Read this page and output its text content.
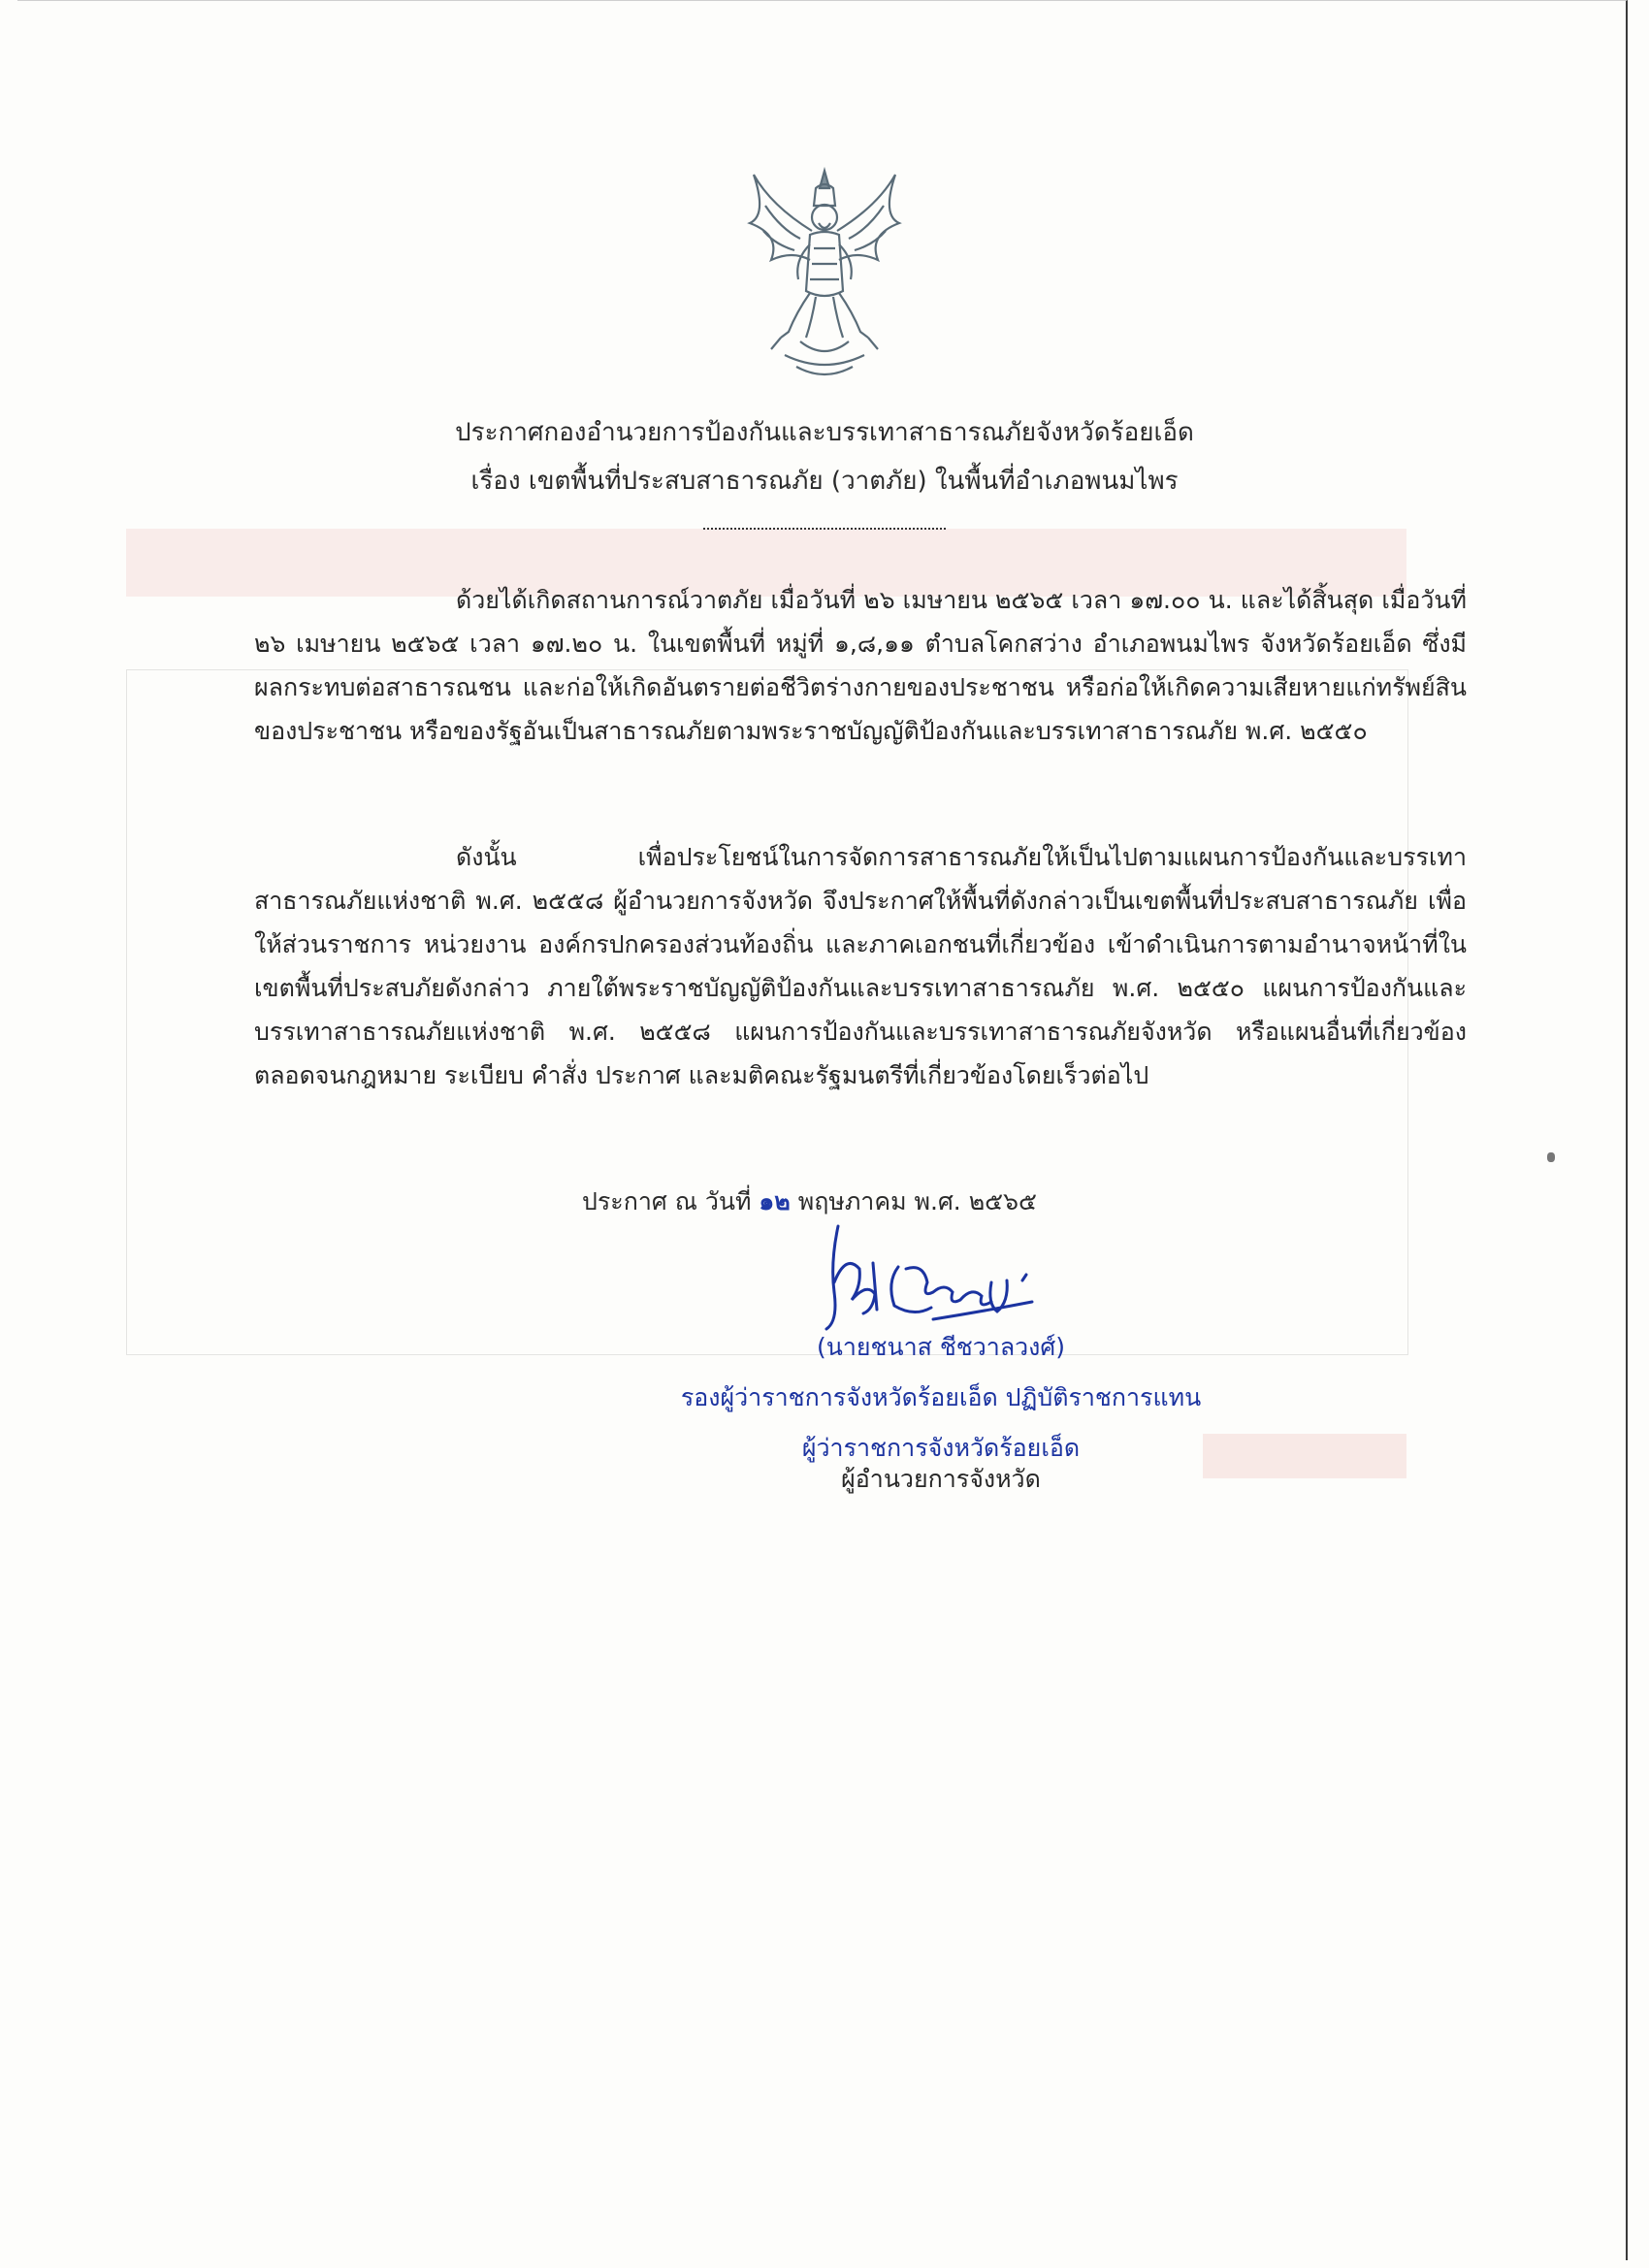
ประกาศกองอำนวยการป้องกันและบรรเทาสาธารณภัยจังหวัดร้อยเอ็ด
เรื่อง เขตพื้นที่ประสบสาธารณภัย (วาตภัย) ในพื้นที่อำเภอพนมไพร
ด้วยได้เกิดสถานการณ์วาตภัย เมื่อวันที่ ๒๖ เมษายน ๒๕๖๕ เวลา ๑๗.๐๐ น. และได้สิ้นสุด เมื่อวันที่ ๒๖ เมษายน ๒๕๖๕ เวลา ๑๗.๒๐ น. ในเขตพื้นที่ หมู่ที่ ๑,๘,๑๑ ตำบลโคกสว่าง อำเภอพนมไพร จังหวัดร้อยเอ็ด ซึ่งมีผลกระทบต่อสาธารณชน และก่อให้เกิดอันตรายต่อชีวิตร่างกายของประชาชน หรือก่อให้เกิดความเสียหายแก่ทรัพย์สินของประชาชน หรือของรัฐอันเป็นสาธารณภัยตามพระราชบัญญัติป้องกันและบรรเทาสาธารณภัย พ.ศ. ๒๕๕๐
ดังนั้น เพื่อประโยชน์ในการจัดการสาธารณภัยให้เป็นไปตามแผนการป้องกันและบรรเทาสาธารณภัยแห่งชาติ พ.ศ. ๒๕๕๘ ผู้อำนวยการจังหวัด จึงประกาศให้พื้นที่ดังกล่าวเป็นเขตพื้นที่ประสบสาธารณภัย เพื่อให้ส่วนราชการ หน่วยงาน องค์กรปกครองส่วนท้องถิ่น และภาคเอกชนที่เกี่ยวข้อง เข้าดำเนินการตามอำนาจหน้าที่ในเขตพื้นที่ประสบภัยดังกล่าว ภายใต้พระราชบัญญัติป้องกันและบรรเทาสาธารณภัย พ.ศ. ๒๕๕๐ แผนการป้องกันและบรรเทาสาธารณภัยแห่งชาติ พ.ศ. ๒๕๕๘ แผนการป้องกันและบรรเทาสาธารณภัยจังหวัด หรือแผนอื่นที่เกี่ยวข้อง ตลอดจนกฎหมาย ระเบียบ คำสั่ง ประกาศ และมติคณะรัฐมนตรีที่เกี่ยวข้องโดยเร็วต่อไป
ประกาศ ณ วันที่ ๑๒ พฤษภาคม พ.ศ. ๒๕๖๕
(นายชนาส ชีชวาลวงศ์)
รองผู้ว่าราชการจังหวัดร้อยเอ็ด ปฏิบัติราชการแทน
ผู้ว่าราชการจังหวัดร้อยเอ็ด
ผู้อำนวยการจังหวัด
